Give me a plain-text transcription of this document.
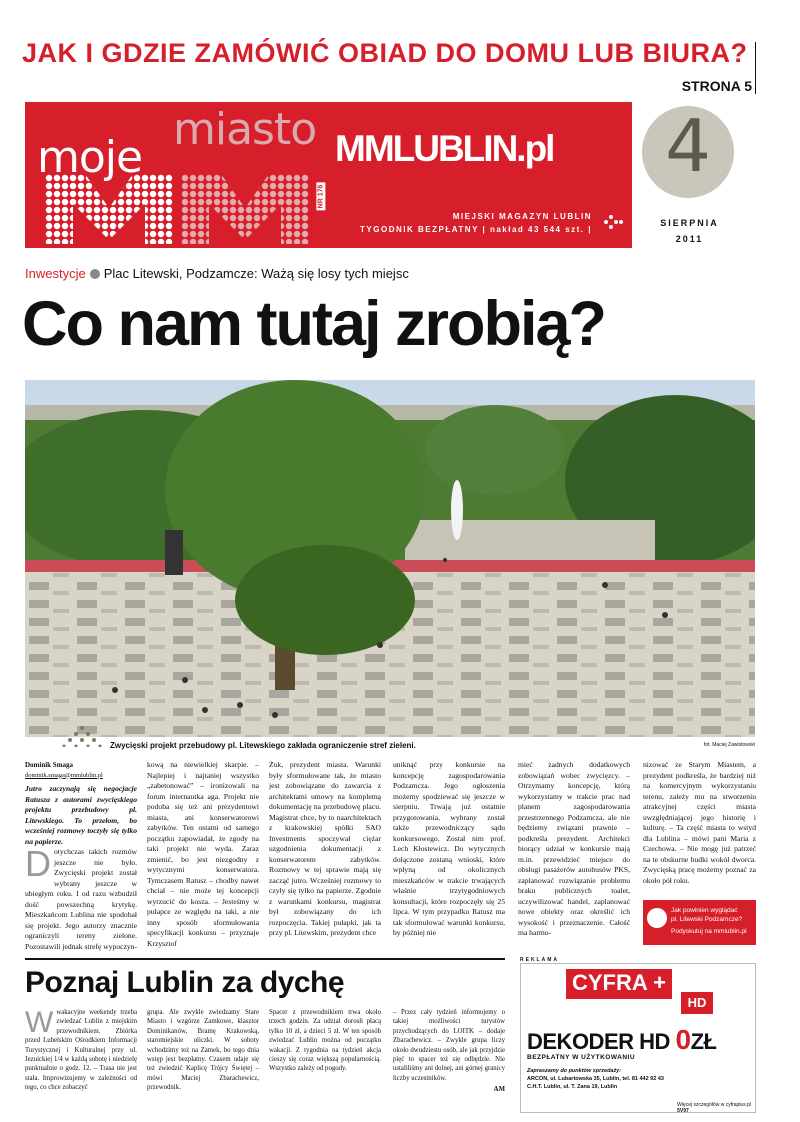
JAK I GDZIE ZAMÓWIĆ OBIAD DO DOMU LUB BIURA?
STRONA 5
moje
miasto MMLUBLIN.pl
NR 176
MIEJSKI MAGAZYN LUBLIN
TYGODNIK BEZPŁATNY | nakład 43 544 szt. |
4
SIERPNIA
2011
Inwestycje Plac Litewski, Podzamcze: Ważą się losy tych miejsc
Co nam tutaj zrobią?
Zwycięski projekt przebudowy pl. Litewskiego zakłada ograniczenie stref zieleni.	fot. Maciej Zawistowski
Dominik Smaga
dominik.smaga@mmlublin.pl

Jutro zaczynają się negocjacje Ratusza z autorami zwycięskiego projektu przebudowy pl. Litewskiego. To przełom, bo wcześniej rozmowy toczyły się tylko na papierze.

Dotychczas takich rozmów jeszcze nie było. Zwycięski projekt został wybrany jeszcze w ubiegłym roku. I od razu wzbudził dość powszechną krytykę. Mieszkańcom Lublina nie spodobał się projekt. Jego autorzy znacznie ograniczyli tereny zielone. Pozostawili jednak strefę wypoczyn-

kową na niewielkiej skarpie. – Najlepiej i najtaniej wszystko „zabetonować” – ironizowali na forum internautka aga. Projekt nie podoba się też ani prezydentowi miasta, ani konserwatorowi zabytków. Ten ostatni od samego początku zapowiadał, że zgody na taki projekt nie wyda. Zaraz zmienić, bo jest niezgodny z wytycznymi konserwatora. Tymczasem Ratusz – chodby nawet chciał – nie może tej koncepcji wyrzucić do kosza. – Jesteśmy w pułapce ze względu na taki, a nie inny sposób sformułowania specyfikacji konkursu – przyznaje Krzysztof
Żuk, prezydent miasta. Warunki były sformułowane tak, że miasto jest zobowiązane do zawarcia z architektami umowy na kompletną dokumentację na przebudowę placu. Magistrat chce, by to naarchitektach z krakowskiej spółki SAO Investments spoczywał ciężar uzgodnienia dokumentacji z konserwatorem zabytków. Rozmowy w tej sprawie mają się zacząć jutro. Wcześniej rozmowy to czyły się tylko na papierze. Zgodnie z warunkami konkursu, magistrat był zobowiązany do ich rozpoczęcia. Takiej pułapki, jak ta przy pl. Litewskim, prezydent chce
uniknąć przy konkursie na koncepcję zagospodarowania Podzamcza. Jego ogłoszenia możemy spodziewać się jeszcze w sierpniu. Trwają już ostatnie przygotowania, wybrany został także przewodniczący sądu konkursowego. Został nim prof. Lech Kłostewicz. Do wytycznych dołączone zostaną wnioski, które wpłyną od okolicznych mieszkańców w trakcie trwających właśnie trzytygodniowych konsultacji, które rozpoczęły się 25 lipca. W tym przypadku Ratusz ma tak sformułować warunki konkursu, by później nie
mieć żadnych dodatkowych zobowiązań wobec zwycięzcy. – Otrzymamy koncepcję, którą wykorzystamy w trakcie prac nad planem zagospodarowania przestrzennego Podzamcza, ale nie będziemy związani prawnie – podkreśla prezydent. Architekci biorący udział w konkursie mają m.in. przewidzieć miejsce do obsługi pasażerów autobusów PKS, zaplanować rozwiązanie problemu braku publicznych toalet, uczywilizować handel, zaplanować nowe obiekty oraz określić ich wysokość i przeznaczenie. Całość ma harmo-
nizować ze Starym Miastem, a prezydent podkreśla, że bardziej niż na komercyjnym wykorzystaniu terenu, zależy mu na stworzeniu atrakcyjnej części miasta uwzględniającej jego historię i kulturę. – Ta część miasta to wstyd dla Lublina – mówi pani Maria z Czechowa. – Nie mogę już patrzeć na te obskurne budki wokół dworca. Zwycięską pracę możemy poznać za około pół roku.
Jak powinien wyglądać
pl. Litewski Podzamcze?
Podyskutuj na mmlublin.pl
Poznaj Lublin za dychę
Wwakacyjne weekendy trzeba zwiedzać Lublin z miejskim przewodnikiem. Zbiórka przed Lubelskim Ośrodkiem Informacji Turystycznej i Kulturalnej przy ul. Jezuickiej 1/4 w każdą sobotę i niedzielę punktualnie o godz. 12. – Trasa nie jest stała. Improwizujemy w zależności od tego, co chce zobaczyć
grupa. Ale zwykle zwiedzamy Stare Miasto i wzgórze Zamkowe, klasztor Dominikanów, Bramę Krakowską, staromiejskie uliczki. W soboty wchodzimy też na Zamek, bo tego dnia wstęp jest bezpłatny. Czasem udaje się też zwiedzić Kaplicę Trójcy Świętej – mówi Maciej Zbarachewicz, przewodnik.
Spacer z przewodnikiem trwa około trzech godzin. Za udział dorosłi płacą tylko 10 zł, a dzieci 5 zł. W ten sposób zwiedzać Lublin można od początku wakacji. Z tygodnia na tydzień akcja cieszy się coraz większą popularnością. Wszystko zależy od pogody.
– Przez cały tydzień informujemy o takiej możliwości turystów przychodzących do LOITK – dodaje Zbarachewicz. – Zwykle grupa liczy około dwudziestu osób, ale jak przyjdzie pięć to spacer też się odbędzie. Nie ustaliliśmy ani dolnej, ani górnej granicy liczby uczestników.
AM
REKLAMA
CYFRA +
HD
DEKODER HD 0ZŁ
BEZPŁATNY W UŻYTKOWANIU
Zapraszamy do punktów sprzedaży:
ARCON, ul. Lubartowska 35, Lublin, tel. 81 442 92 43
C.H.T. Lublin, ul. T. Zana 19, Lublin
Więcej szczegółów w cyfraplus.pl
5V97
